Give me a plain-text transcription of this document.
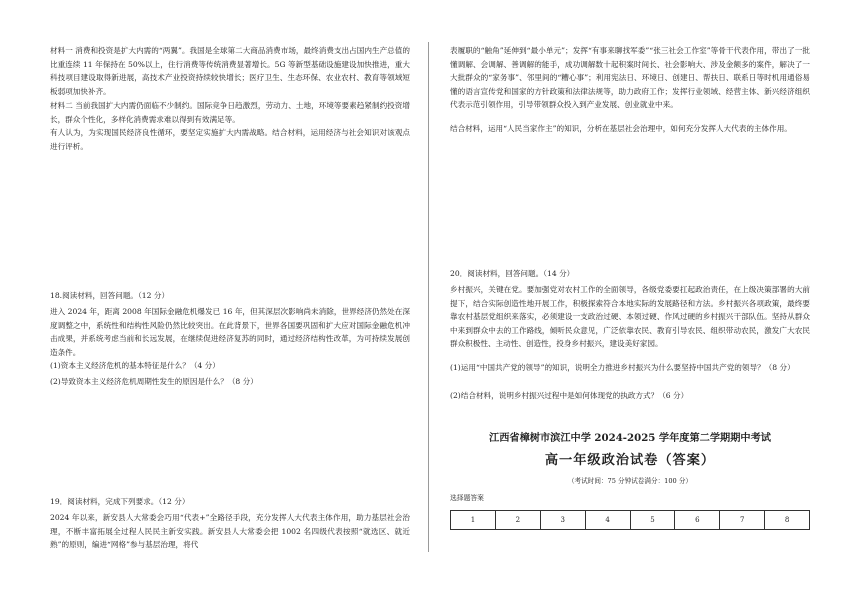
材料一 消费和投资是扩大内需的“两翼”。我国是全球第二大商品消费市场，最终消费支出占国内生产总值的比重连续 11 年保持在 50%以上，住行消费等传统消费显著增长。5G 等新型基础设施建设加快推进，重大科技项目建设取得新进展，高技术产业投资持续较快增长；医疗卫生、生态环保、农业农村、教育等领域短板弱项加快补齐。

材料二 当前我国扩大内需仍面临不少制约。国际竞争日趋激烈，劳动力、土地，环境等要素趋紧制约投资增长，群众个性化，多样化消费需求难以得到有效满足等。

有人认为，为实现国民经济良性循环，要坚定实施扩大内需战略。结合材料，运用经济与社会知识对该观点进行评析。

18.阅读材料，回答问题。（12 分）

进入 2024 年，距离 2008 年国际金融危机爆发已 16 年，但其深层次影响尚未消除，世界经济仍然处在深度调整之中，系统性和结构性风险仍然比较突出。在此背景下，世界各国要巩固和扩大应对国际金融危机冲击成果，并系统考虑当前和长远发展，在继续促进经济复苏的同时，通过经济结构性改革，为可持续发展创造条件。

(1)资本主义经济危机的基本特征是什么？（4 分）

(2)导致资本主义经济危机周期性发生的原因是什么？（8 分）

19．阅读材料，完成下列要求。（12 分）

2024 年以来，新安县人大常委会巧用“代表+”全路径手段，充分发挥人大代表主体作用，助力基层社会治理，不断丰富拓展全过程人民民主新安实践。新安县人大常委会把 1002 名四级代表按照“就选区、就近熟”的原则，编进“网格”参与基层治理，将代

表履职的“触角”延伸到“最小单元”；发挥“有事来聊找军委”“张三社会工作室”等骨干代表作用，带出了一批懂调解、会调解、善调解的能手，成功调解数十起积案时间长、社会影响大、涉及金额多的案件，解决了一大批群众的“家务事”、邻里间的“糟心事”；利用宪法日、环境日、创建日、帮扶日、联系日等时机用通俗易懂的语言宣传党和国家的方针政策和法律法规等，助力政府工作；发挥行业领域、经营主体、新兴经济组织代表示范引领作用，引导带领群众投入到产业发展、创业就业中来。

结合材料，运用“人民当家作主”的知识，分析在基层社会治理中，如何充分发挥人大代表的主体作用。

20．阅读材料，回答问题。（14 分）

乡村振兴，关键在党。要加强党对农村工作的全面领导，各级党委要扛起政治责任，在上级决策部署的大前提下，结合实际创造性地开展工作，积极探索符合本地实际的发展路径和方法。乡村振兴各项政策，最终要靠农村基层党组织来落实，必须建设一支政治过硬、本领过硬、作风过硬的乡村振兴干部队伍。坚持从群众中来到群众中去的工作路线，倾听民众意见，广泛依靠农民、教育引导农民、组织带动农民，激发广大农民群众积极性、主动性、创造性，投身乡村振兴，建设美好家园。

(1)运用“中国共产党的领导”的知识，说明全力推进乡村振兴为什么要坚持中国共产党的领导？（8 分）

(2)结合材料，说明乡村振兴过程中是如何体现党的执政方式？（6 分）

江西省樟树市滨江中学 2024-2025 学年度第二学期期中考试
高一年级政治试卷（答案）
（考试时间：75 分钟试卷满分：100 分）
选择题答案
1	2	3	4	5	6	7	8
